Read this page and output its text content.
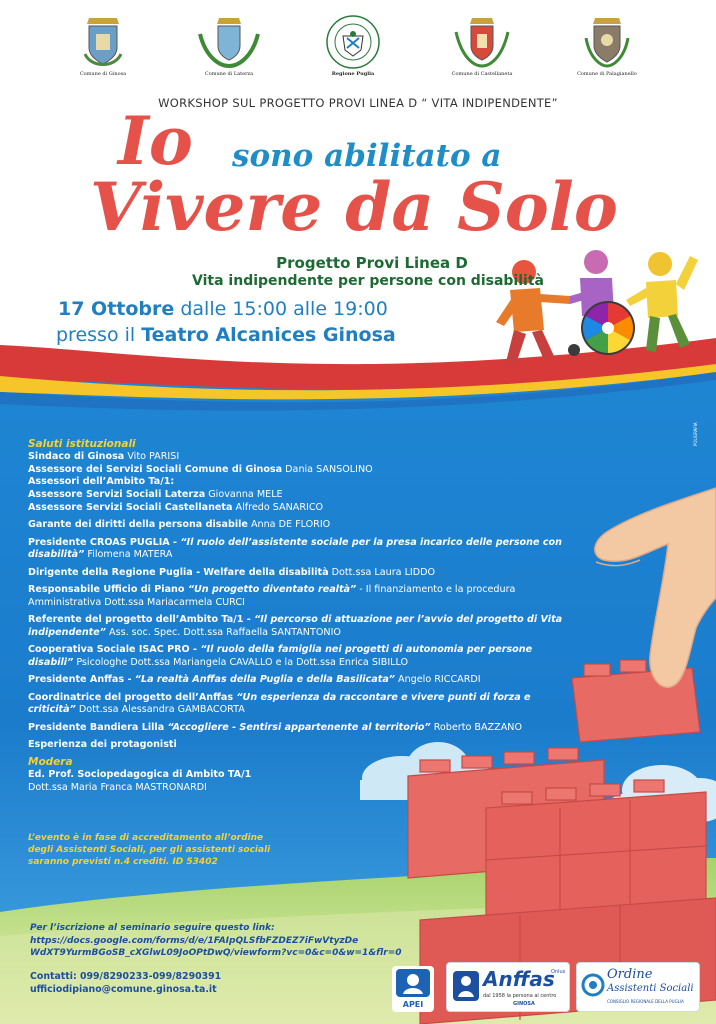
Comune di Ginosa	Comune di Laterza	Regione Puglia	Comune di Castellaneta	Comune di Palagianello
WORKSHOP SUL PROGETTO PROVI LINEA D “ VITA INDIPENDENTE”
Io sono abilitato a
Vivere da Solo
Progetto Provi Linea D
Vita indipendente per persone con disabilità
17 Ottobre dalle 15:00 alle 19:00
presso il Teatro Alcanices Ginosa
Saluti istituzionali
Sindaco di Ginosa Vito PARISI
Assessore dei Servizi Sociali Comune di Ginosa Dania SANSOLINO
Assessori dell’Ambito Ta/1:
Assessore Servizi Sociali Laterza Giovanna MELE
Assessore Servizi Sociali Castellaneta Alfredo SANARICO
Garante dei diritti della persona disabile Anna DE FLORIO
Presidente CROAS PUGLIA - “Il ruolo dell’assistente sociale per la presa incarico delle persone con disabilità” Filomena MATERA
Dirigente della Regione Puglia - Welfare della disabilità Dott.ssa Laura LIDDO
Responsabile Ufficio di Piano “Un progetto diventato realtà” - Il finanziamento e la procedura Amministrativa Dott.ssa Mariacarmela CURCI
Referente del progetto dell’Ambito Ta/1 - “Il percorso di attuazione per l’avvio del progetto di Vita indipendente” Ass. soc. Spec. Dott.ssa Raffaella SANTANTONIO
Cooperativa Sociale ISAC PRO - “Il ruolo della famiglia nei progetti di autonomia per persone disabili” Psicologhe Dott.ssa Mariangela CAVALLO e la Dott.ssa Enrica SIBILLO
Presidente Anffas - “La realtà Anffas della Puglia e della Basilicata” Angelo RICCARDI
Coordinatrice del progetto dell’Anffas “Un esperienza da raccontare e vivere punti di forza e criticità” Dott.ssa Alessandra GAMBACORTA
Presidente Bandiera Lilla “Accogliere - Sentirsi appartenente al territorio” Roberto BAZZANO
Esperienza dei protagonisti
Modera
Ed. Prof. Sociopedagogica di Ambito TA/1
Dott.ssa Maria Franca MASTRONARDI
L’evento è in fase di accreditamento all’ordine degli Assistenti Sociali, per gli assistenti sociali saranno previsti n.4 crediti. ID 53402
Per l’iscrizione al seminario seguire questo link:
https://docs.google.com/forms/d/e/1FAIpQLSfbFZDEZ7iFwVtyzDe
WdXT9YurmBGoSB_cXGlwL09JoOPtDwQ/viewform?vc=0&c=0&w=1&flr=0
Contatti: 099/8290233-099/8290391
ufficiodipiano@comune.ginosa.ta.it
POLIGRAFIA
APEI
Anffas
Onlus
dal 1958 la persona al centro
GINOSA
Ordine
Assistenti Sociali
CONSIGLIO REGIONALE DELLA PUGLIA
